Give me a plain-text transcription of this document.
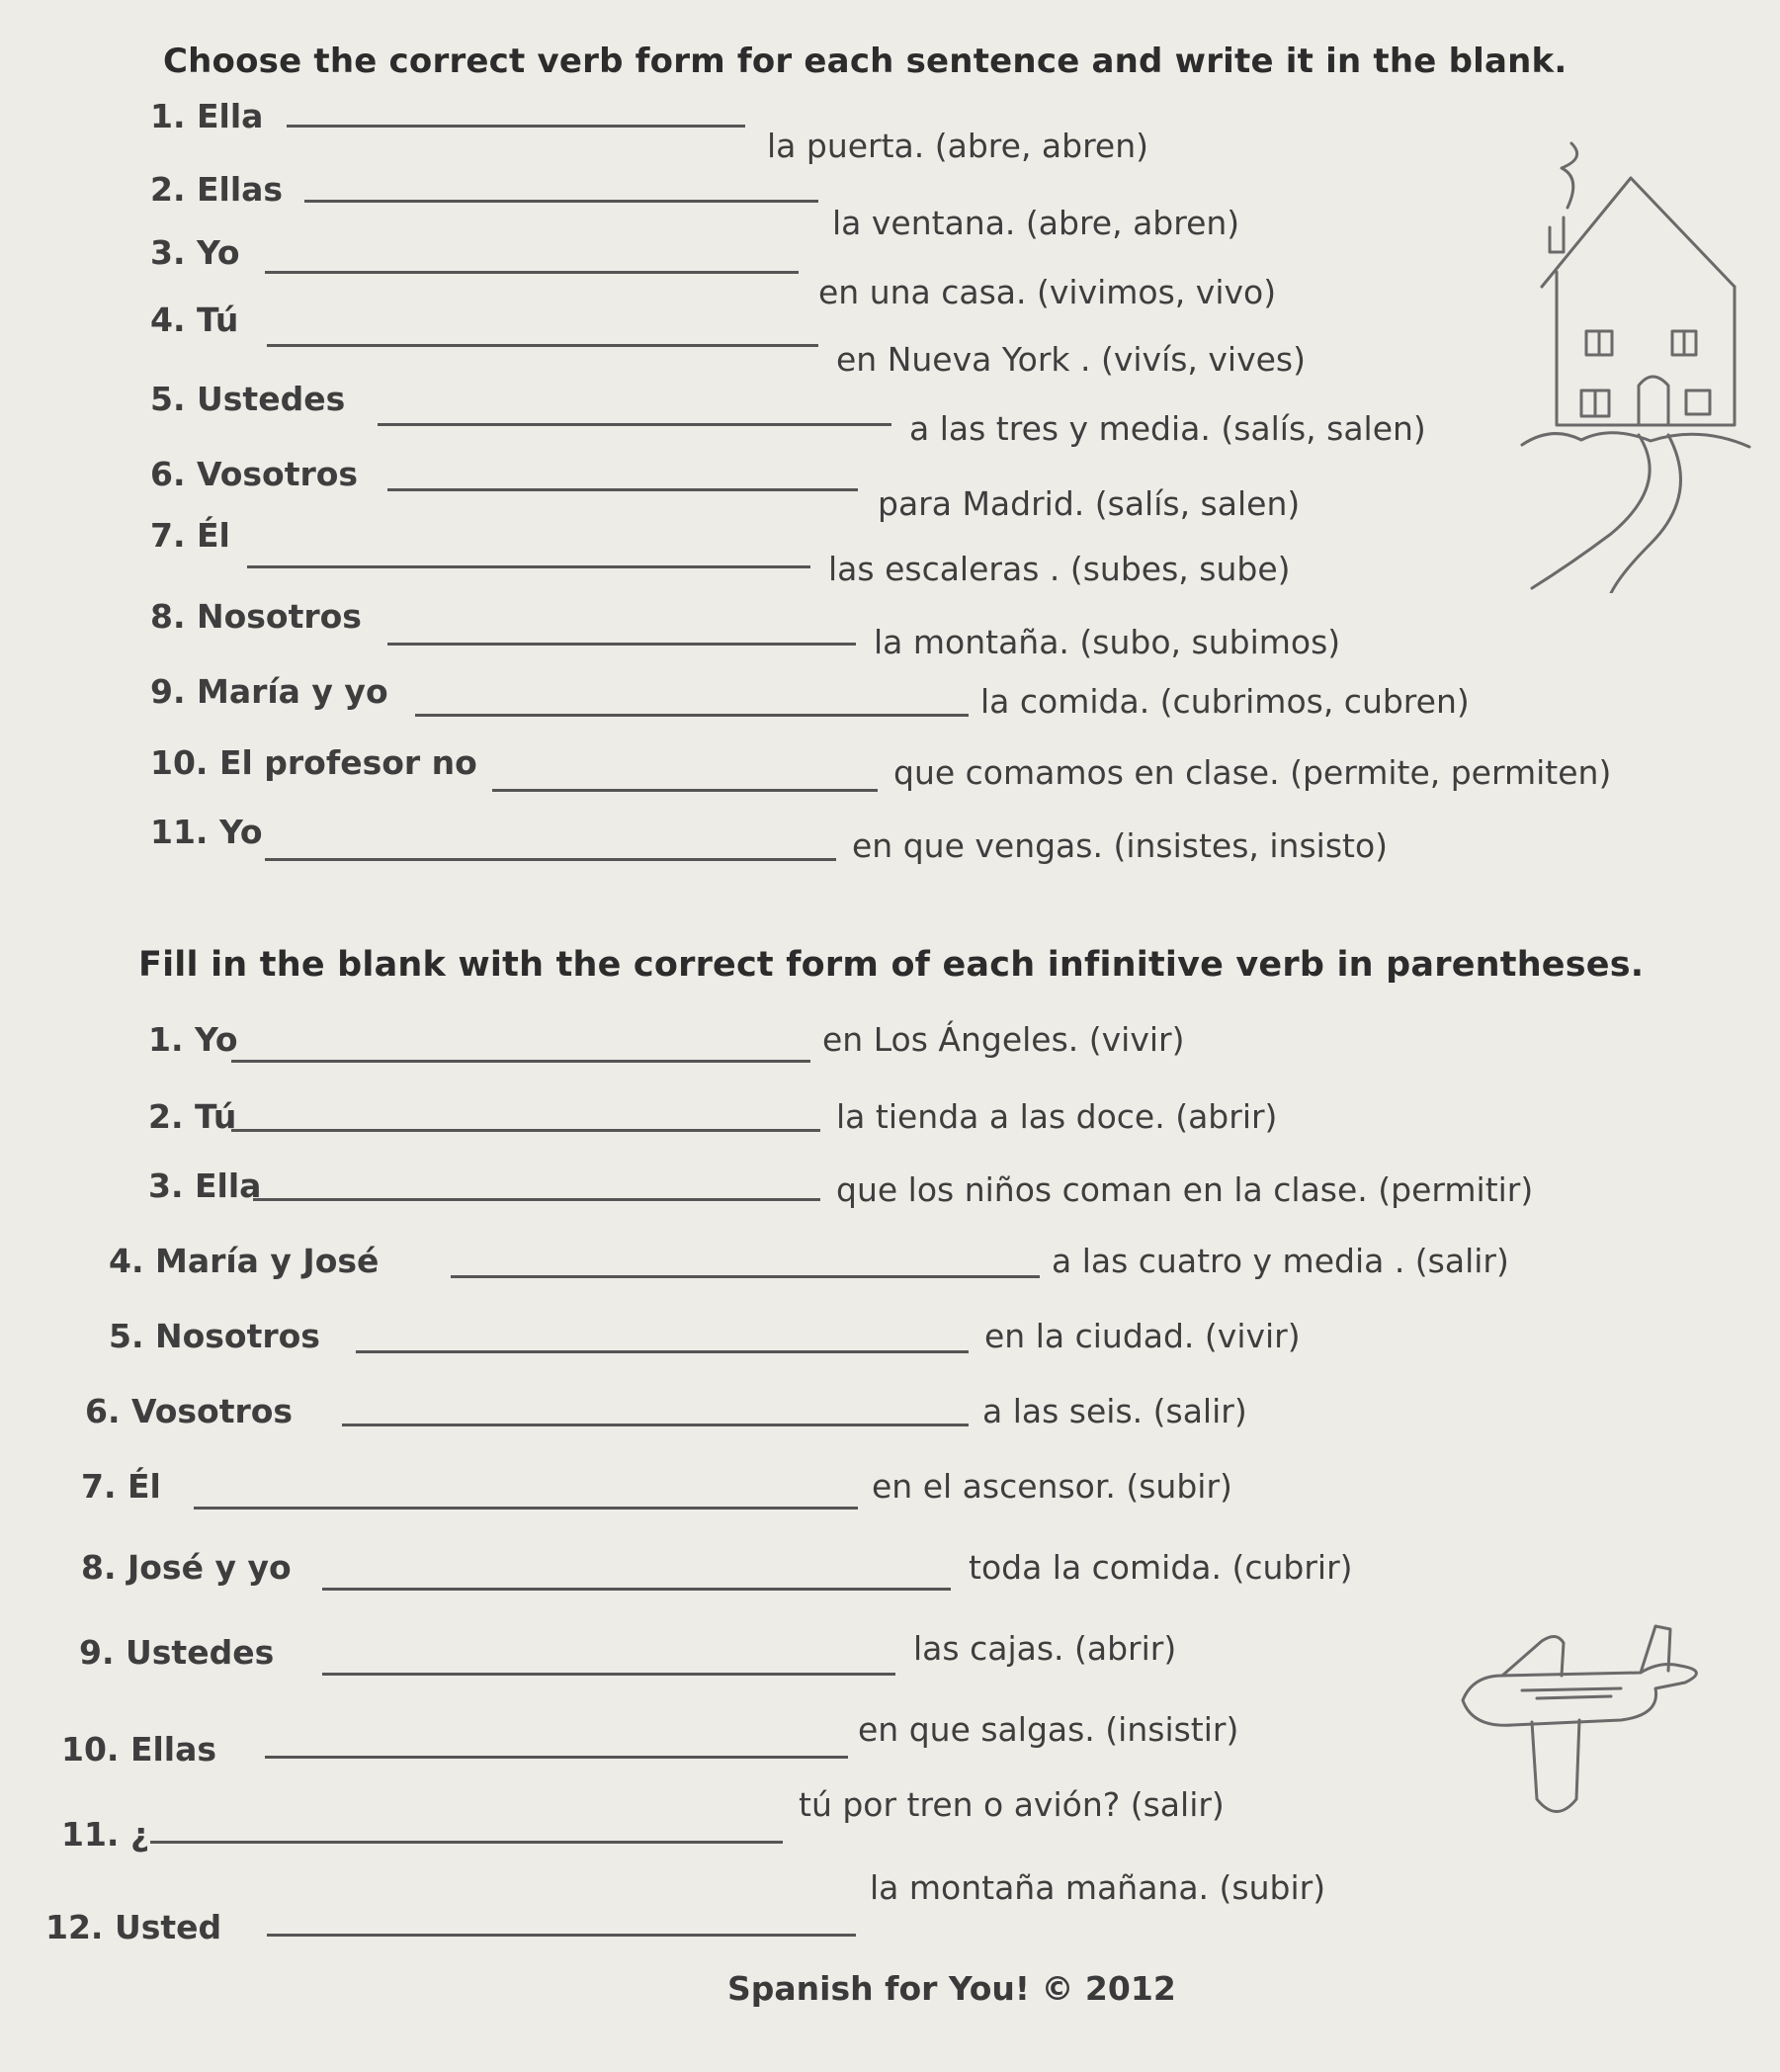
Choose the correct verb form for each sentence and write it in the blank.
1. Ella
la puerta. (abre, abren)
2. Ellas
la ventana. (abre, abren)
3. Yo
en una casa. (vivimos, vivo)
4. Tú
en Nueva York . (vivís, vives)
5. Ustedes
a las tres y media. (salís, salen)
6. Vosotros
para Madrid. (salís, salen)
7. Él
las escaleras . (subes, sube)
8. Nosotros
la montaña. (subo, subimos)
9. María y yo	la comida. (cubrimos, cubren)
10. El profesor no	que comamos en clase. (permite, permiten)
11. Yo	en que vengas. (insistes, insisto)
Fill in the blank with the correct form of each infinitive verb in parentheses.
1. Yo	en Los Ángeles. (vivir)
2. Tú	la tienda a las doce. (abrir)
3. Ella	que los niños coman en la clase. (permitir)
4. María y José	a las cuatro y media . (salir)
5. Nosotros	en la ciudad. (vivir)
6. Vosotros	a las seis. (salir)
7. Él	en el ascensor. (subir)
8. José y yo	toda la comida. (cubrir)
9. Ustedes	las cajas. (abrir)
10. Ellas
en que salgas. (insistir)
11. ¿
tú por tren o avión? (salir)
12. Usted
la montaña mañana. (subir)
Spanish for You! © 2012
